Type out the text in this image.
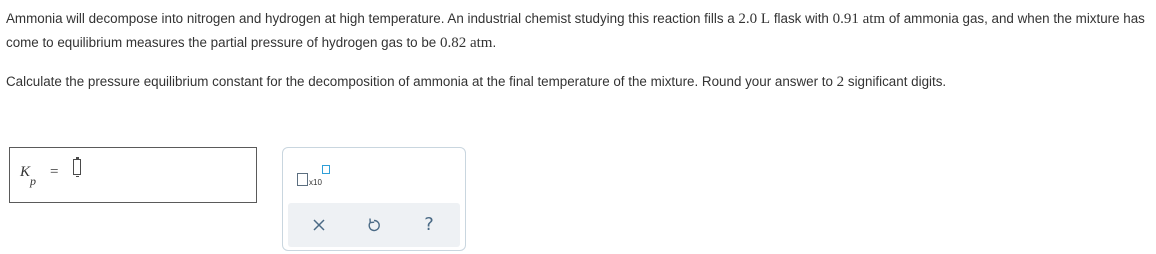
Ammonia will decompose into nitrogen and hydrogen at high temperature. An industrial chemist studying this reaction fills a 2.0 L flask with 0.91 atm of ammonia gas, and when the mixture has come to equilibrium measures the partial pressure of hydrogen gas to be 0.82 atm.

Calculate the pressure equilibrium constant for the decomposition of ammonia at the final temperature of the mixture. Round your answer to 2 significant digits.

K
p
=
x10
?
